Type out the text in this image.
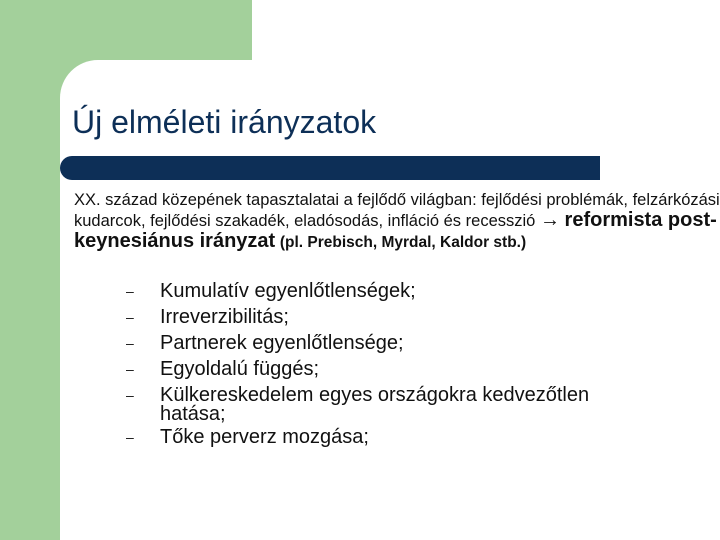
Új elméleti irányzatok
XX. század közepének tapasztalatai a fejlődő világban: fejlődési problémák, felzárkózási kudarcok, fejlődési szakadék, eladósodás, infláció és recesszió → reformista post-keynesiánus irányzat (pl. Prebisch, Myrdal, Kaldor stb.)
– Kumulatív egyenlőtlenségek;
– Irreverzibilitás;
– Partnerek egyenlőtlensége;
– Egyoldalú függés;
– Külkereskedelem egyes országokra kedvezőtlen
hatása;
– Tőke perverz mozgása;
